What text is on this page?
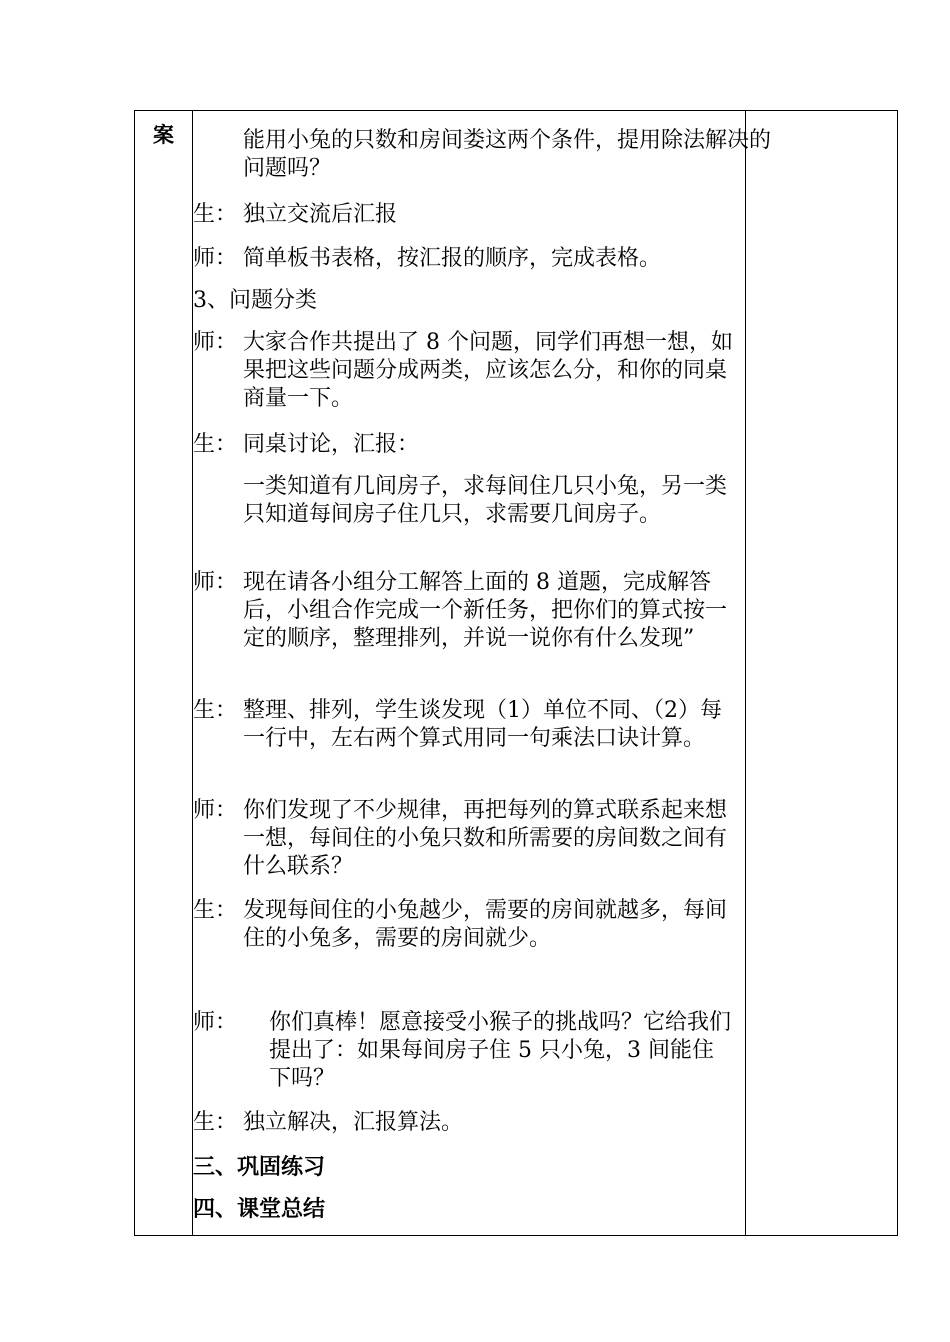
案	能用小兔的只数和房间娄这两个条件，提用除法解决的问题吗？
生： 独立交流后汇报
师： 简单板书表格，按汇报的顺序，完成表格。
3、问题分类
师： 大家合作共提出了 8 个问题，同学们再想一想，如果把这些问题分成两类，应该怎么分，和你的同桌商量一下。
生： 同桌讨论，汇报：
一类知道有几间房子，求每间住几只小兔，另一类只知道每间房子住几只，求需要几间房子。
师： 现在请各小组分工解答上面的 8 道题，完成解答后，小组合作完成一个新任务，把你们的算式按一定的顺序，整理排列，并说一说你有什么发现”
生： 整理、排列，学生谈发现（1）单位不同、（2）每一行中，左右两个算式用同一句乘法口诀计算。
师： 你们发现了不少规律，再把每列的算式联系起来想一想，每间住的小兔只数和所需要的房间数之间有什么联系？
生： 发现每间住的小兔越少，需要的房间就越多，每间住的小兔多，需要的房间就少。
师： 你们真棒！愿意接受小猴子的挑战吗？它给我们提出了：如果每间房子住 5 只小兔，3 间能住下吗？
生： 独立解决，汇报算法。
三、巩固练习
四、课堂总结
